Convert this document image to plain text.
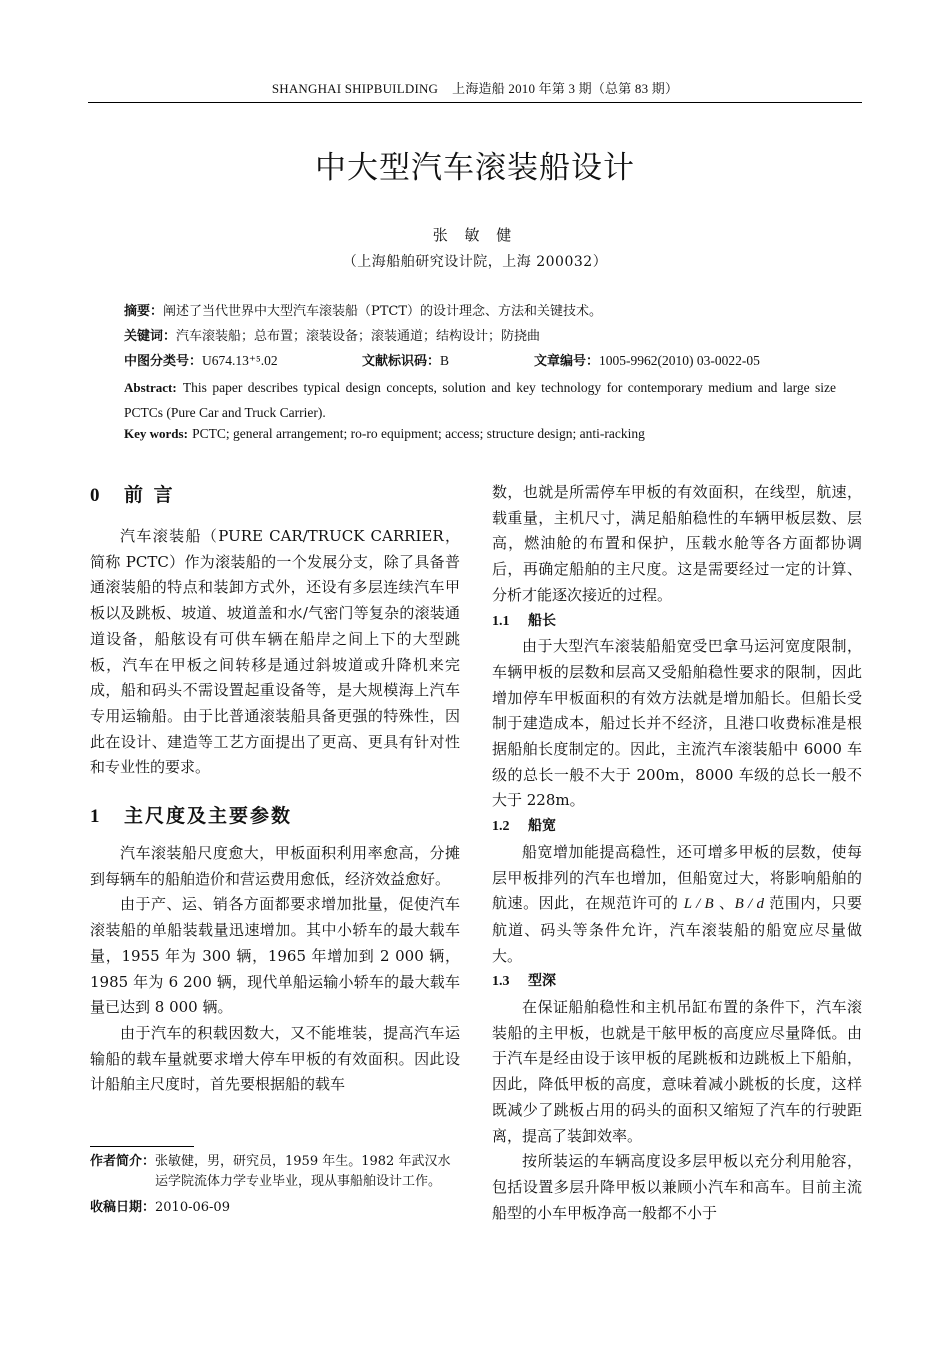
SHANGHAI SHIPBUILDING 上海造船 2010 年第 3 期（总第 83 期）
中大型汽车滚装船设计
张 敏 健
（上海船舶研究设计院，上海 200032）
摘要：阐述了当代世界中大型汽车滚装船（PTCT）的设计理念、方法和关键技术。
关键词：汽车滚装船；总布置；滚装设备；滚装通道；结构设计；防挠曲
中图分类号：U674.13⁺⁵.02	文献标识码：B	文章编号：1005-9962(2010) 03-0022-05
Abstract: This paper describes typical design concepts, solution and key technology for contemporary medium and large size PCTCs (Pure Car and Truck Carrier).
Key words: PCTC; general arrangement; ro-ro equipment; access; structure design; anti-racking
0 前 言

汽车滚装船（PURE CAR/TRUCK CARRIER，简称 PCTC）作为滚装船的一个发展分支，除了具备普通滚装船的特点和装卸方式外，还设有多层连续汽车甲板以及跳板、坡道、坡道盖和水/气密门等复杂的滚装通道设备，船舷设有可供车辆在船岸之间上下的大型跳板，汽车在甲板之间转移是通过斜坡道或升降机来完成，船和码头不需设置起重设备等，是大规模海上汽车专用运输船。由于比普通滚装船具备更强的特殊性，因此在设计、建造等工艺方面提出了更高、更具有针对性和专业性的要求。

1 主尺度及主要参数

汽车滚装船尺度愈大，甲板面积利用率愈高，分摊到每辆车的船舶造价和营运费用愈低，经济效益愈好。

由于产、运、销各方面都要求增加批量，促使汽车滚装船的单船装载量迅速增加。其中小轿车的最大载车量，1955 年为 300 辆，1965 年增加到 2 000 辆，1985 年为 6 200 辆，现代单船运输小轿车的最大载车量已达到 8 000 辆。

由于汽车的积载因数大，又不能堆装，提高汽车运输船的载车量就要求增大停车甲板的有效面积。因此设计船舶主尺度时，首先要根据船的载车

数，也就是所需停车甲板的有效面积，在线型，航速，载重量，主机尺寸，满足船舶稳性的车辆甲板层数、层高，燃油舱的布置和保护，压载水舱等各方面都协调后，再确定船舶的主尺度。这是需要经过一定的计算、分析才能逐次接近的过程。

1.1 船长

由于大型汽车滚装船船宽受巴拿马运河宽度限制，车辆甲板的层数和层高又受船舶稳性要求的限制，因此增加停车甲板面积的有效方法就是增加船长。但船长受制于建造成本，船过长并不经济，且港口收费标准是根据船舶长度制定的。因此，主流汽车滚装船中 6000 车级的总长一般不大于 200m，8000 车级的总长一般不大于 228m。

1.2 船宽

船宽增加能提高稳性，还可增多甲板的层数，使每层甲板排列的汽车也增加，但船宽过大，将影响船舶的航速。因此，在规范许可的 L / B 、B / d 范围内，只要航道、码头等条件允许，汽车滚装船的船宽应尽量做大。

1.3 型深

在保证船舶稳性和主机吊缸布置的条件下，汽车滚装船的主甲板，也就是干舷甲板的高度应尽量降低。由于汽车是经由设于该甲板的尾跳板和边跳板上下船舶，因此，降低甲板的高度，意味着减小跳板的长度，这样既减少了跳板占用的码头的面积又缩短了汽车的行驶距离，提高了装卸效率。

按所装运的车辆高度设多层甲板以充分利用舱容，包括设置多层升降甲板以兼顾小汽车和高车。目前主流船型的小车甲板净高一般都不小于

作者简介： 张敏健，男，研究员，1959 年生。1982 年武汉水运学院流体力学专业毕业，现从事船舶设计工作。
收稿日期： 2010-06-09
